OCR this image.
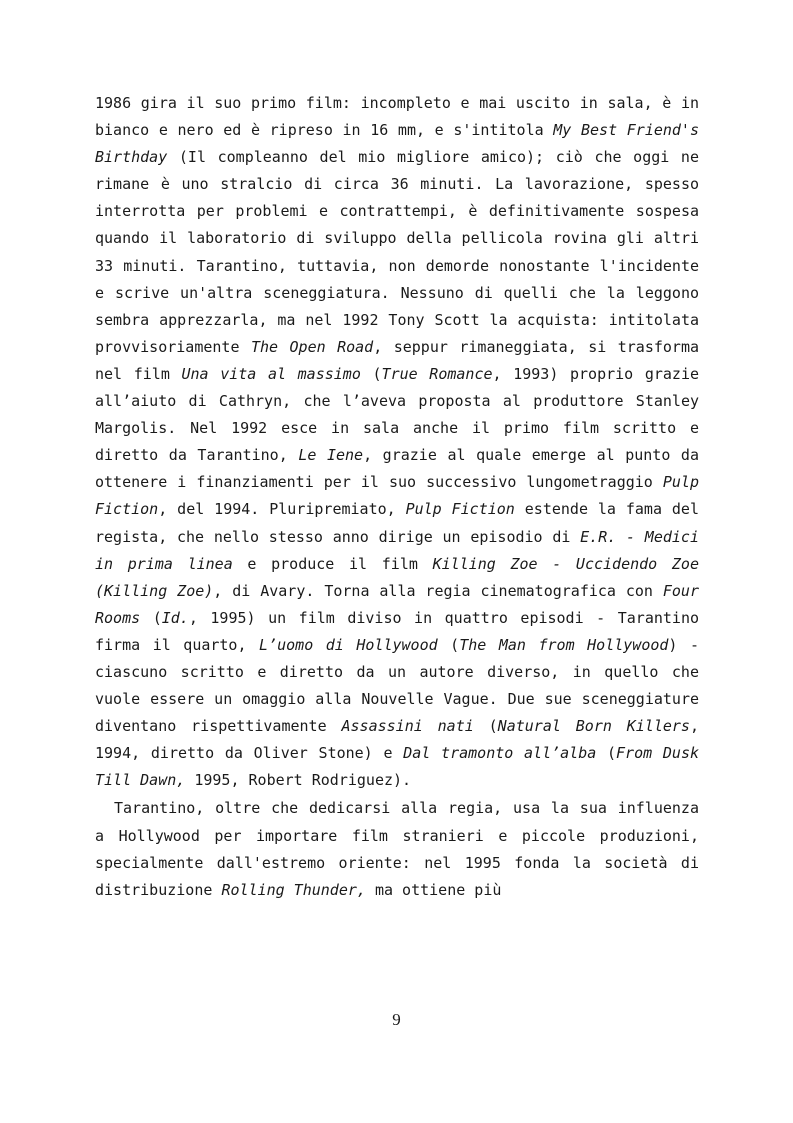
1986 gira il suo primo film: incompleto e mai uscito in sala, è in bianco e nero ed è ripreso in 16 mm, e s'intitola My Best Friend's Birthday (Il compleanno del mio migliore amico); ciò che oggi ne rimane è uno stralcio di circa 36 minuti. La lavorazione, spesso interrotta per problemi e contrattempi, è definitivamente sospesa quando il laboratorio di sviluppo della pellicola rovina gli altri 33 minuti. Tarantino, tuttavia, non demorde nonostante l'incidente e scrive un'altra sceneggiatura. Nessuno di quelli che la leggono sembra apprezzarla, ma nel 1992 Tony Scott la acquista: intitolata provvisoriamente The Open Road, seppur rimaneggiata, si trasforma nel film Una vita al massimo (True Romance, 1993) proprio grazie all’aiuto di Cathryn, che l’aveva proposta al produttore Stanley Margolis. Nel 1992 esce in sala anche il primo film scritto e diretto da Tarantino, Le Iene, grazie al quale emerge al punto da ottenere i finanziamenti per il suo successivo lungometraggio Pulp Fiction, del 1994. Pluripremiato, Pulp Fiction estende la fama del regista, che nello stesso anno dirige un episodio di E.R. - Medici in prima linea e produce il film Killing Zoe - Uccidendo Zoe (Killing Zoe), di Avary. Torna alla regia cinematografica con Four Rooms (Id., 1995) un film diviso in quattro episodi - Tarantino firma il quarto, L’uomo di Hollywood (The Man from Hollywood) - ciascuno scritto e diretto da un autore diverso, in quello che vuole essere un omaggio alla Nouvelle Vague. Due sue sceneggiature diventano rispettivamente Assassini nati (Natural Born Killers, 1994, diretto da Oliver Stone) e Dal tramonto all’alba (From Dusk Till Dawn, 1995, Robert Rodriguez).

Tarantino, oltre che dedicarsi alla regia, usa la sua influenza a Hollywood per importare film stranieri e piccole produzioni, specialmente dall'estremo oriente: nel 1995 fonda la società di distribuzione Rolling Thunder, ma ottiene più

9
